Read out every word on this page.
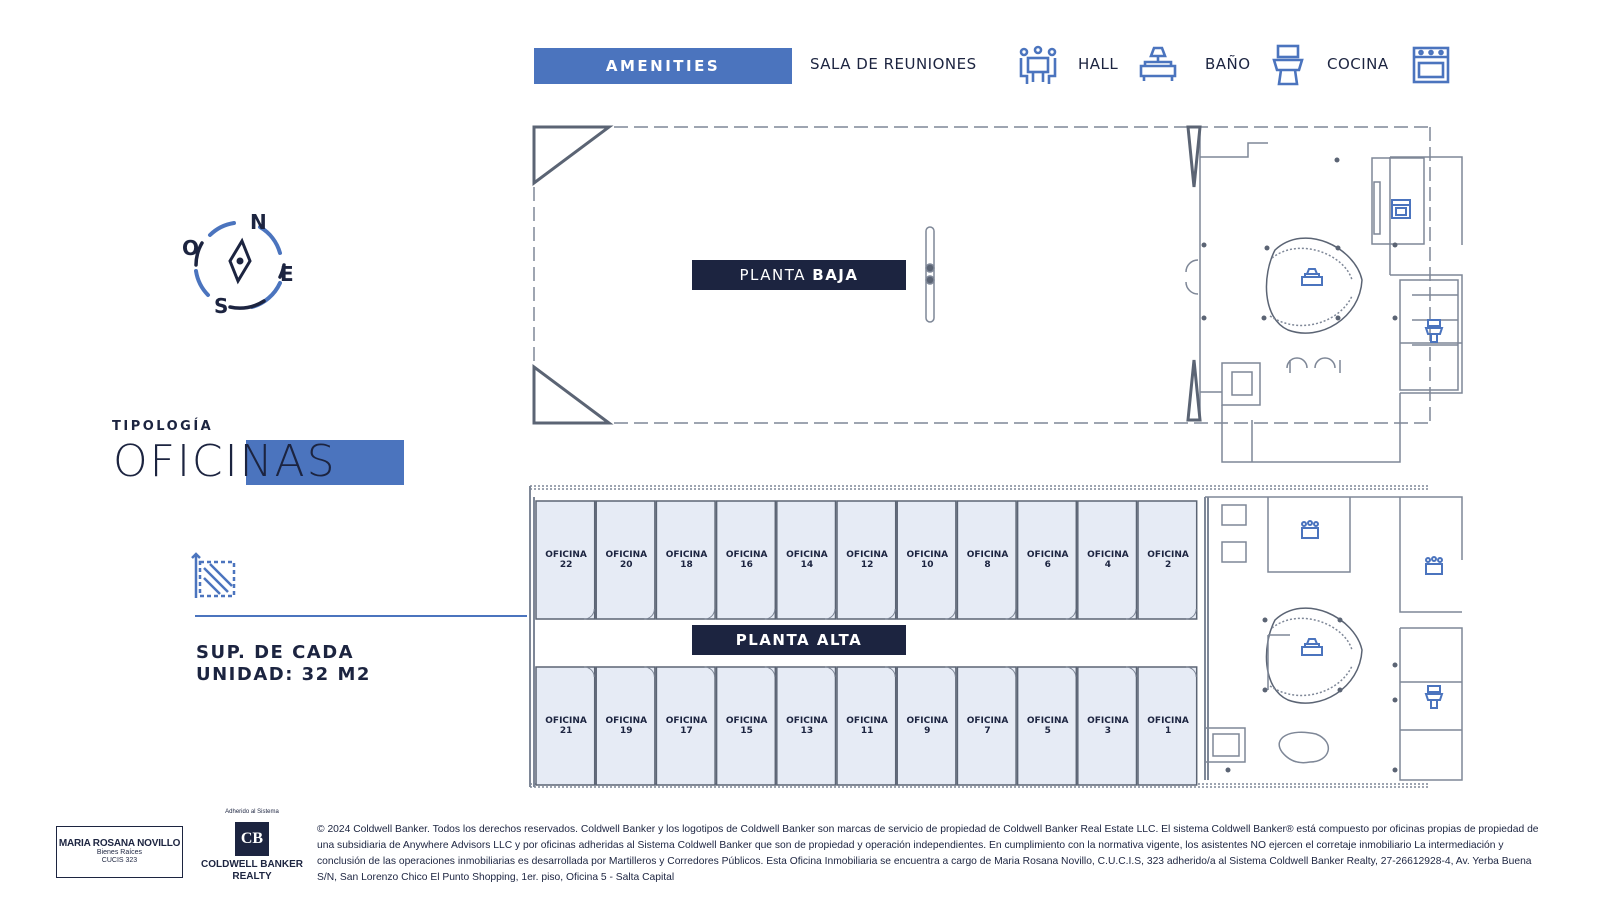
AMENITIES	SALA DE REUNIONES	HALL	BAÑO	COCINA
N
O
E
S
TIPOLOGÍA
OFICINAS
SUP. DE CADA
UNIDAD: 32 M2
OFICINA
22
OFICINA
20
OFICINA
18
OFICINA
16
OFICINA
14
OFICINA
12
OFICINA
10
OFICINA
8
OFICINA
6
OFICINA
4
OFICINA
2
OFICINA
21
OFICINA
19
OFICINA
17
OFICINA
15
OFICINA
13
OFICINA
11
OFICINA
9
OFICINA
7
OFICINA
5
OFICINA
3
OFICINA
1
PLANTA
BAJA
PLANTA
ALTA
MARIA ROSANA NOVILLO
Bienes Raíces
CUCIS 323
Adherido al Sistema
CB
COLDWELL BANKER
REALTY
© 2024 Coldwell Banker. Todos los derechos reservados. Coldwell Banker y los logotipos de Coldwell Banker son marcas de servicio de propiedad de Coldwell Banker Real Estate LLC. El sistema Coldwell Banker® está compuesto por oficinas propias de propiedad de una subsidiaria de Anywhere Advisors LLC y por oficinas adheridas al Sistema Coldwell Banker que son de propiedad y operación independientes. En cumplimiento con la normativa vigente, los asistentes NO ejercen el corretaje inmobiliario La intermediación y conclusión de las operaciones inmobiliarias es desarrollada por Martilleros y Corredores Públicos. Esta Oficina Inmobiliaria se encuentra a cargo de Maria Rosana Novillo, C.U.C.I.S, 323 adherido/a al Sistema Coldwell Banker Realty, 27-26612928-4, Av. Yerba Buena S/N, San Lorenzo Chico El Punto Shopping, 1er. piso, Oficina 5 - Salta Capital
